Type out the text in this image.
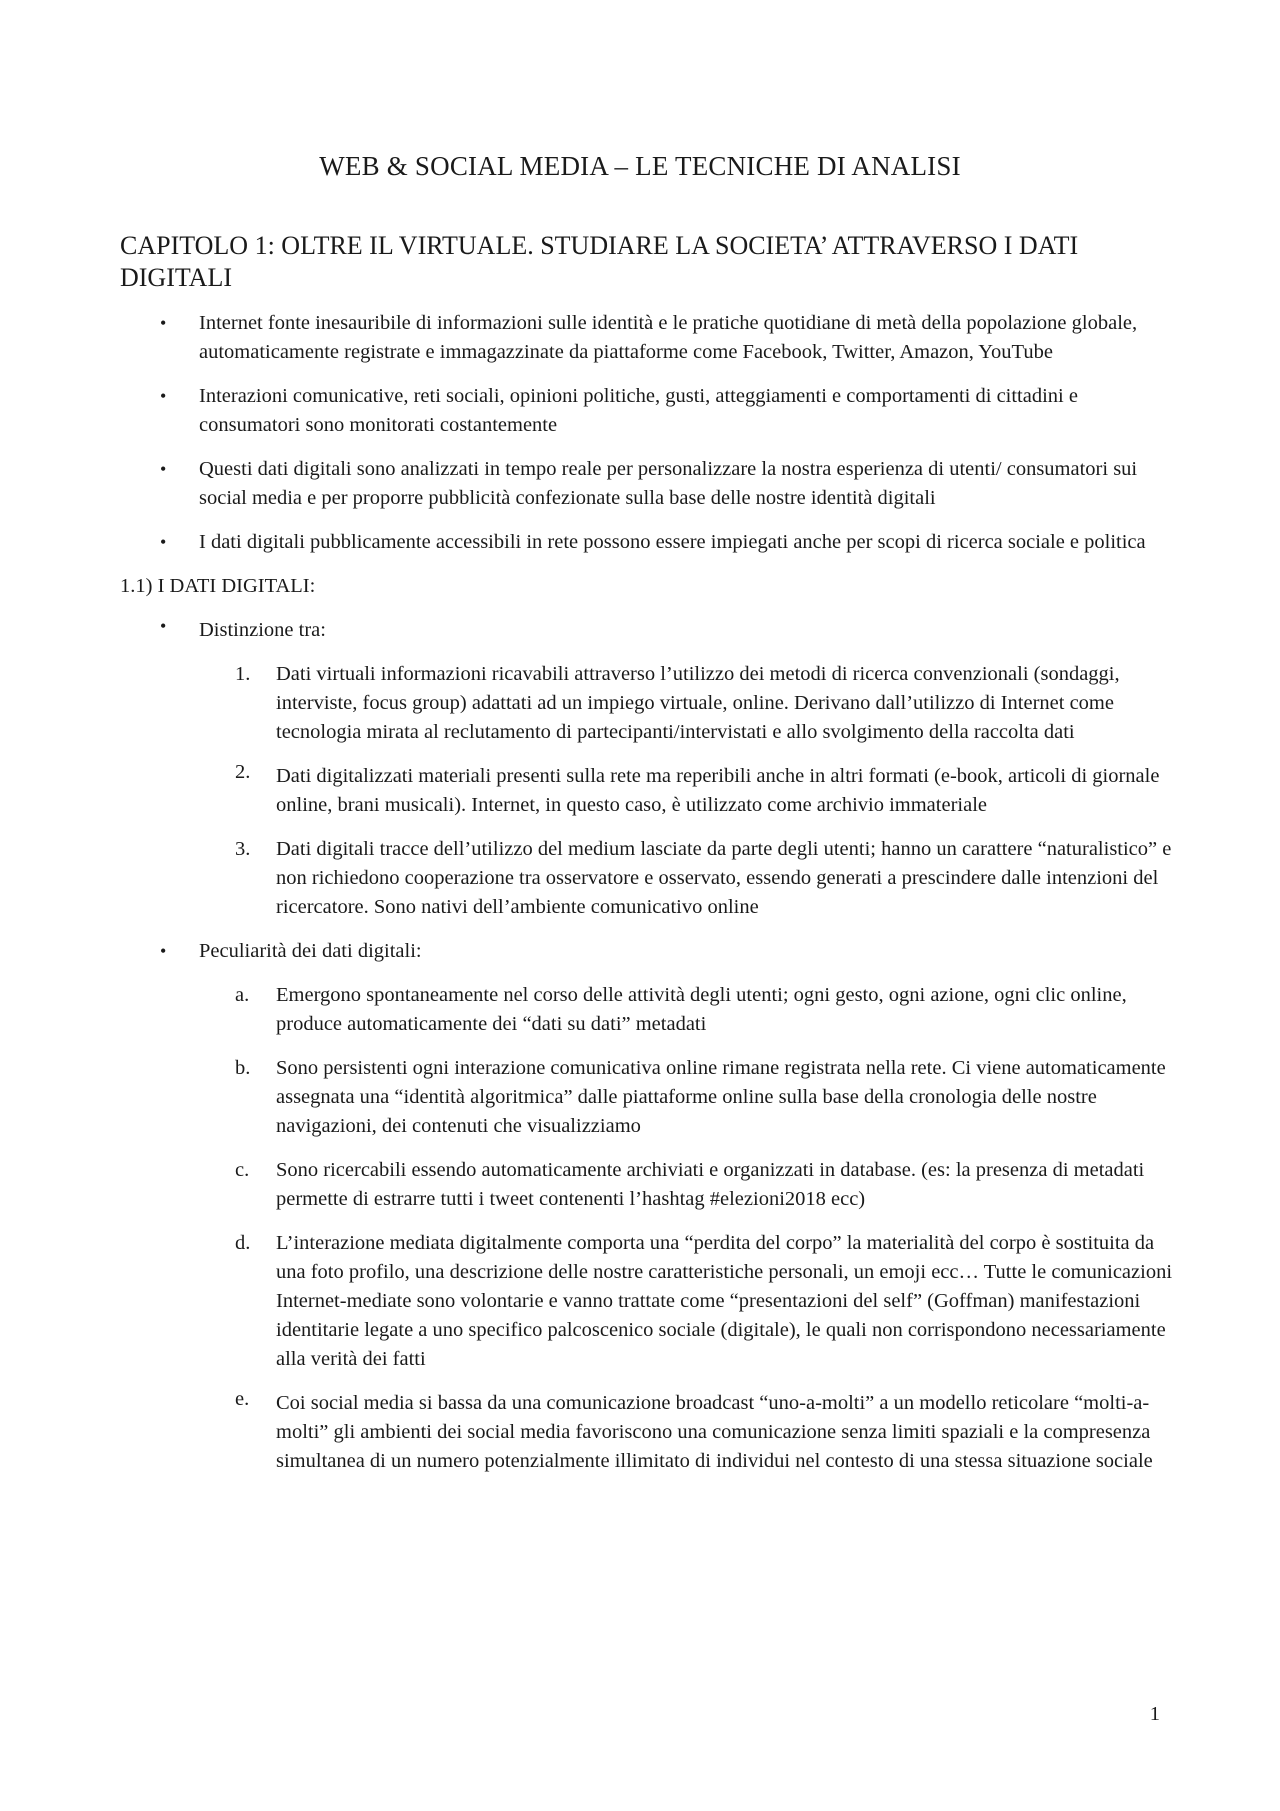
WEB & SOCIAL MEDIA – LE TECNICHE DI ANALISI
CAPITOLO 1: OLTRE IL VIRTUALE. STUDIARE LA SOCIETA’ ATTRAVERSO I DATI DIGITALI
• Internet fonte inesauribile di informazioni sulle identità e le pratiche quotidiane di metà della popolazione globale, automaticamente registrate e immagazzinate da piattaforme come Facebook, Twitter, Amazon, YouTube
• Interazioni comunicative, reti sociali, opinioni politiche, gusti, atteggiamenti e comportamenti di cittadini e consumatori sono monitorati costantemente
• Questi dati digitali sono analizzati in tempo reale per personalizzare la nostra esperienza di utenti/ consumatori sui social media e per proporre pubblicità confezionate sulla base delle nostre identità digitali
• I dati digitali pubblicamente accessibili in rete possono essere impiegati anche per scopi di ricerca sociale e politica
1.1) I DATI DIGITALI:
• Distinzione tra:
1.	Dati virtuali informazioni ricavabili attraverso l’utilizzo dei metodi di ricerca convenzionali (sondaggi, interviste, focus group) adattati ad un impiego virtuale, online. Derivano dall’utilizzo di Internet come tecnologia mirata al reclutamento di partecipanti/intervistati e allo svolgimento della raccolta dati
2.	Dati digitalizzati materiali presenti sulla rete ma reperibili anche in altri formati (e-book, articoli di giornale online, brani musicali). Internet, in questo caso, è utilizzato come archivio immateriale
3.	Dati digitali tracce dell’utilizzo del medium lasciate da parte degli utenti; hanno un carattere “naturalistico” e non richiedono cooperazione tra osservatore e osservato, essendo generati a prescindere dalle intenzioni del ricercatore. Sono nativi dell’ambiente comunicativo online
• Peculiarità dei dati digitali:
a.	Emergono spontaneamente nel corso delle attività degli utenti; ogni gesto, ogni azione, ogni clic online, produce automaticamente dei “dati su dati” metadati
b.	Sono persistenti ogni interazione comunicativa online rimane registrata nella rete. Ci viene automaticamente assegnata una “identità algoritmica” dalle piattaforme online sulla base della cronologia delle nostre navigazioni, dei contenuti che visualizziamo
c.	Sono ricercabili essendo automaticamente archiviati e organizzati in database. (es: la presenza di metadati permette di estrarre tutti i tweet contenenti l’hashtag #elezioni2018 ecc)
d.	L’interazione mediata digitalmente comporta una “perdita del corpo” la materialità del corpo è sostituita da una foto profilo, una descrizione delle nostre caratteristiche personali, un emoji ecc… Tutte le comunicazioni Internet-mediate sono volontarie e vanno trattate come “presentazioni del self” (Goffman) manifestazioni identitarie legate a uno specifico palcoscenico sociale (digitale), le quali non corrispondono necessariamente alla verità dei fatti
e.	Coi social media si bassa da una comunicazione broadcast “uno-a-molti” a un modello reticolare “molti-a-molti” gli ambienti dei social media favoriscono una comunicazione senza limiti spaziali e la compresenza simultanea di un numero potenzialmente illimitato di individui nel contesto di una stessa situazione sociale
1
